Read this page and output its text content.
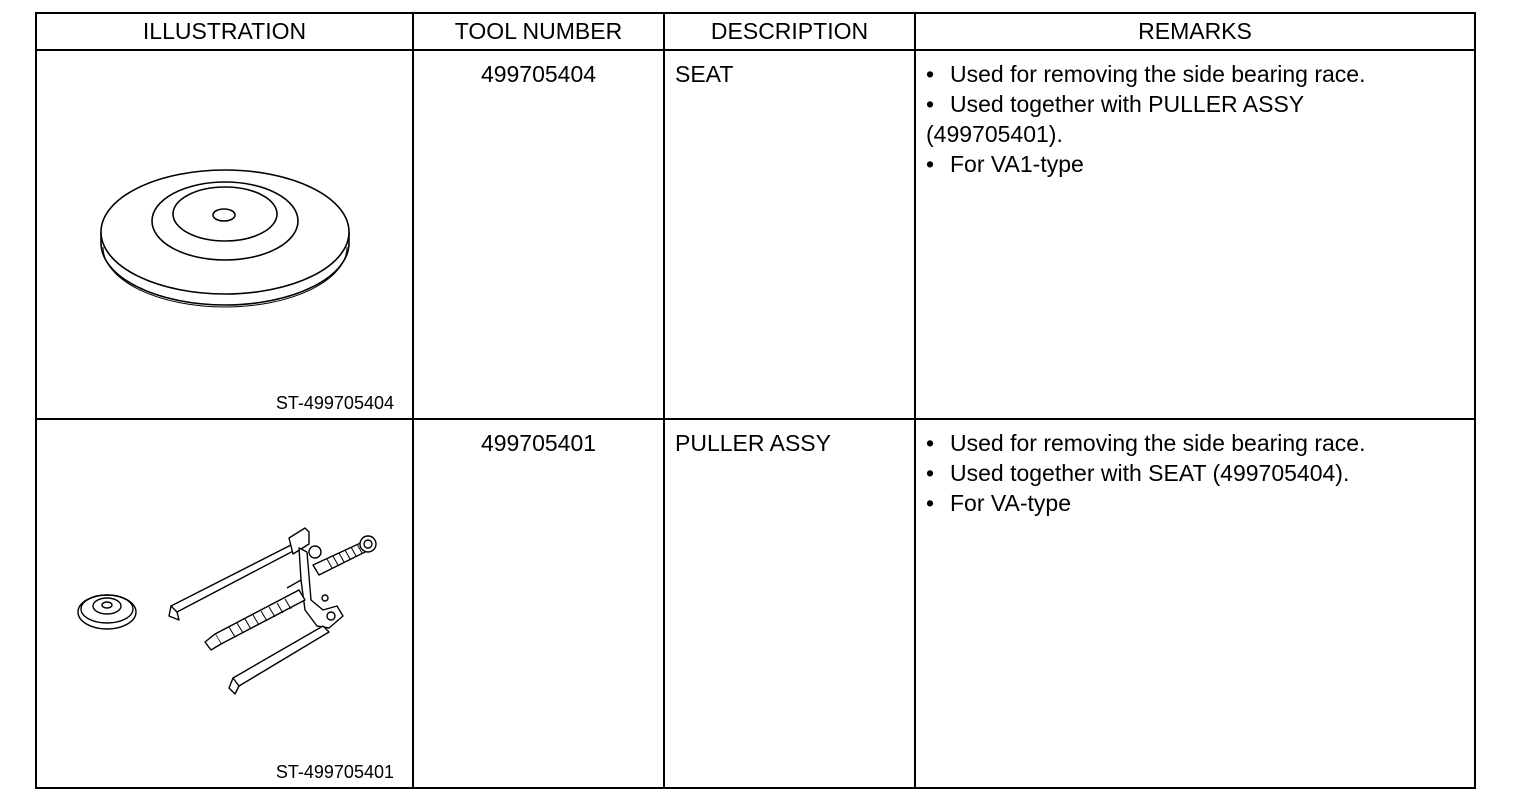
ILLUSTRATION	TOOL NUMBER	DESCRIPTION	REMARKS

ST-499705404	499705404	SEAT	• Used for removing the side bearing race.
• Used together with PULLER ASSY
(499705401).
• For VA1-type

ST-499705401	499705401	PULLER ASSY	• Used for removing the side bearing race.
• Used together with SEAT (499705404).
• For VA-type
